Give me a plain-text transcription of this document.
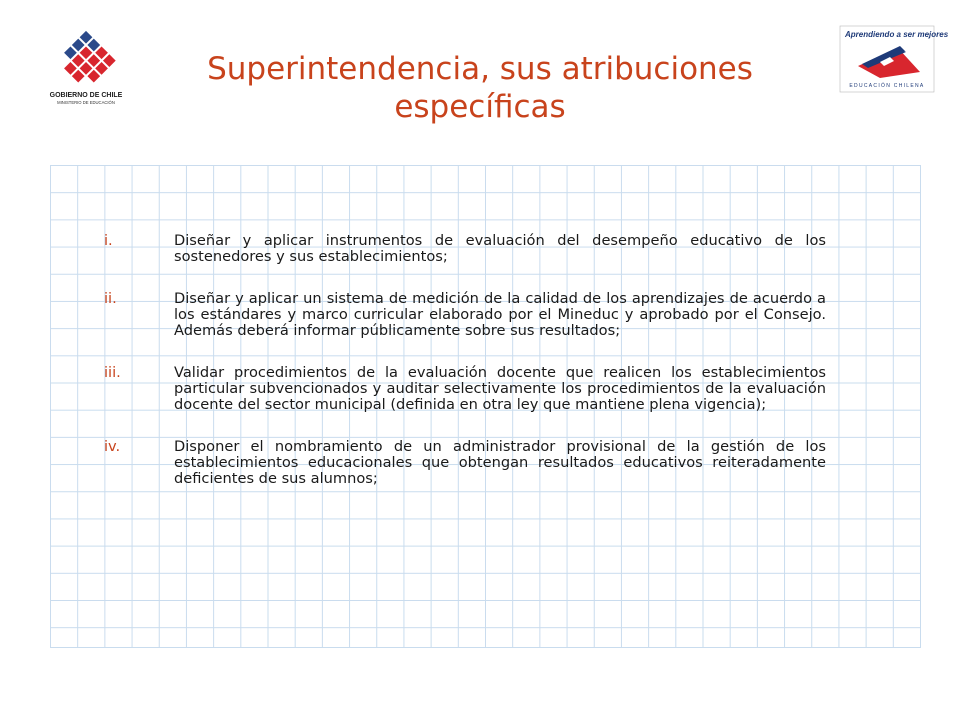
GOBIERNO DE CHILE
MINISTERIO DE EDUCACIÓN
Aprendiendo a ser mejores
★
EDUCACIÓN CHILENA
Superintendencia, sus atribuciones
específicas
i.	Diseñar y aplicar instrumentos de evaluación del desempeño educativo de los sostenedores y sus establecimientos;
ii.	Diseñar y aplicar un sistema de medición de la calidad de los aprendizajes de acuerdo a los estándares y marco curricular elaborado por el Mineduc y aprobado por el Consejo. Además deberá informar públicamente sobre sus resultados;
iii.	Validar procedimientos de la evaluación docente que realicen los establecimientos particular subvencionados y auditar selectivamente los procedimientos de la evaluación docente del sector municipal (definida en otra ley que mantiene plena vigencia);
iv.	Disponer el nombramiento de un administrador provisional de la gestión de los establecimientos educacionales que obtengan resultados educativos reiteradamente deficientes de sus alumnos;
